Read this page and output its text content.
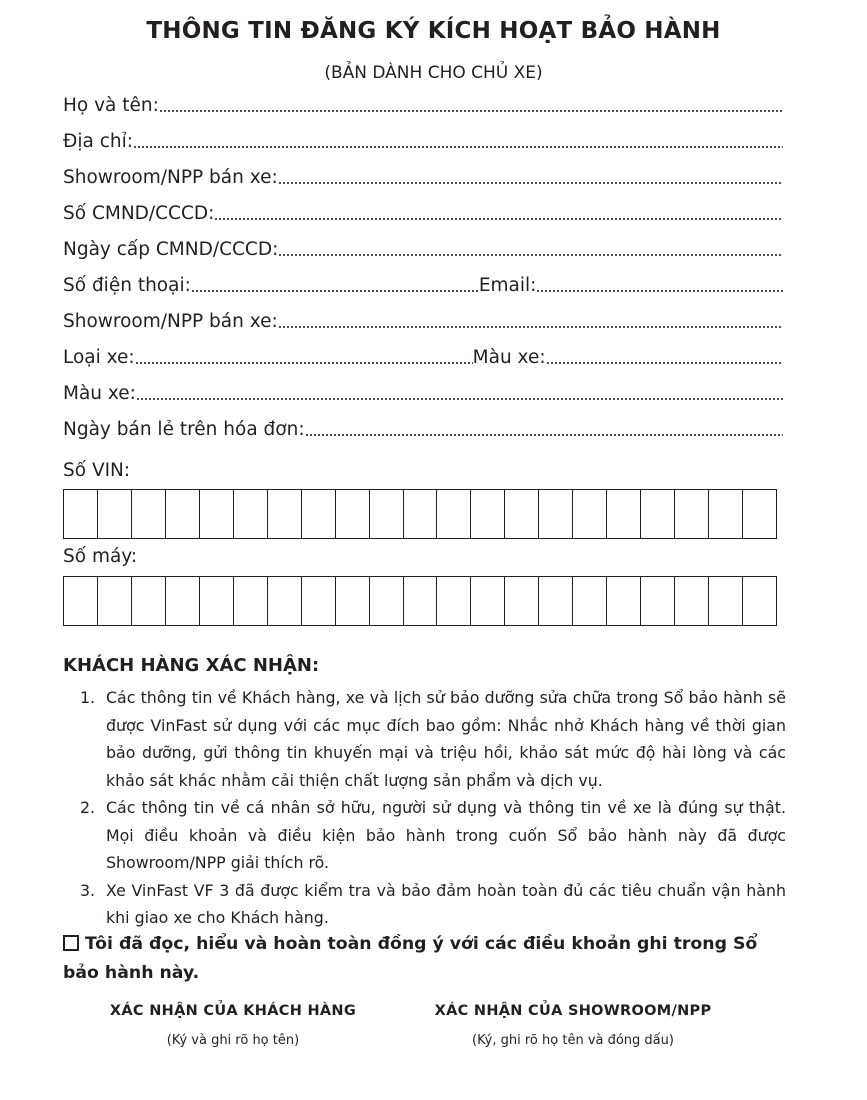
THÔNG TIN ĐĂNG KÝ KÍCH HOẠT BẢO HÀNH
(BẢN DÀNH CHO CHỦ XE)
Họ và tên:
Địa chỉ:
Showroom/NPP bán xe:
Số CMND/CCCD:
Ngày cấp CMND/CCCD:
Số điện thoại:	Email:
Showroom/NPP bán xe:
Loại xe:	Màu xe:
Màu xe:
Ngày bán lẻ trên hóa đơn:
Số VIN:
Số máy:
KHÁCH HÀNG XÁC NHẬN:
1. Các thông tin về Khách hàng, xe và lịch sử bảo dưỡng sửa chữa trong Sổ bảo hành sẽ được VinFast sử dụng với các mục đích bao gồm: Nhắc nhở Khách hàng về thời gian bảo dưỡng, gửi thông tin khuyến mại và triệu hồi, khảo sát mức độ hài lòng và các khảo sát khác nhằm cải thiện chất lượng sản phẩm và dịch vụ.
2. Các thông tin về cá nhân sở hữu, người sử dụng và thông tin về xe là đúng sự thật. Mọi điều khoản và điều kiện bảo hành trong cuốn Sổ bảo hành này đã được Showroom/NPP giải thích rõ.
3. Xe VinFast VF 3 đã được kiểm tra và bảo đảm hoàn toàn đủ các tiêu chuẩn vận hành khi giao xe cho Khách hàng.
Tôi đã đọc, hiểu và hoàn toàn đồng ý với các điều khoản ghi trong Sổ bảo hành này.
XÁC NHẬN CỦA KHÁCH HÀNG
(Ký và ghi rõ họ tên)
XÁC NHẬN CỦA SHOWROOM/NPP
(Ký, ghi rõ họ tên và đóng dấu)
